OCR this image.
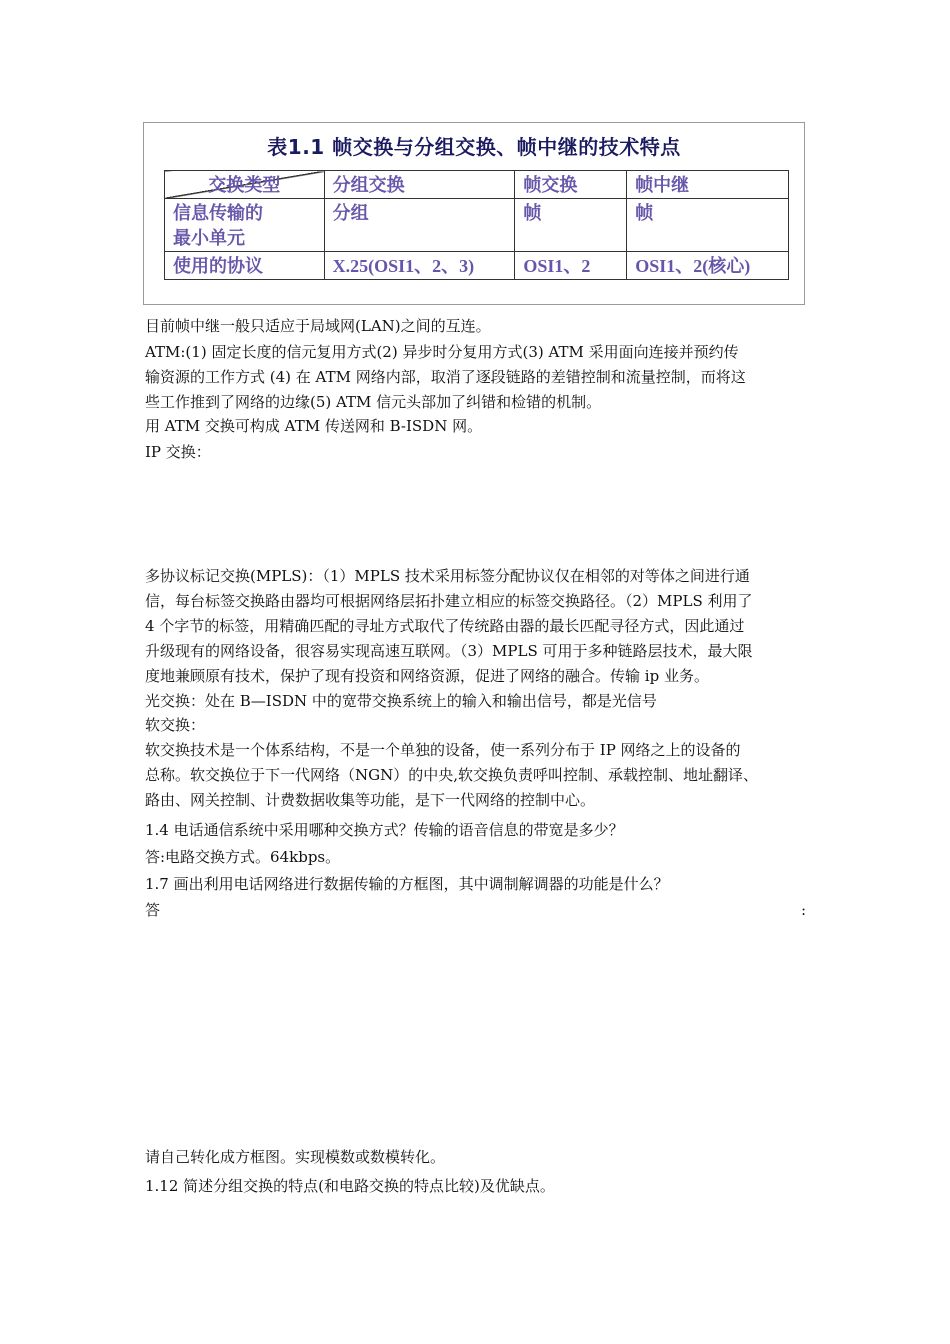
表1.1 帧交换与分组交换、帧中继的技术特点
交换类型	分组交换	帧交换	帧中继
信息传输的
最小单元	分组	帧	帧
使用的协议	X.25(OSI1、2、3)	OSI1、2	OSI1、2(核心)

目前帧中继一般只适应于局域网(LAN)之间的互连。

ATM:(1) 固定长度的信元复用方式(2) 异步时分复用方式(3) ATM 采用面向连接并预约传

输资源的工作方式 (4) 在 ATM 网络内部，取消了逐段链路的差错控制和流量控制，而将这

些工作推到了网络的边缘(5) ATM 信元头部加了纠错和检错的机制。

用 ATM 交换可构成 ATM 传送网和 B-ISDN 网。

IP 交换：

多协议标记交换(MPLS)：（1）MPLS 技术采用标签分配协议仅在相邻的对等体之间进行通

信，每台标签交换路由器均可根据网络层拓扑建立相应的标签交换路径。（2）MPLS 利用了

4 个字节的标签，用精确匹配的寻址方式取代了传统路由器的最长匹配寻径方式，因此通过

升级现有的网络设备，很容易实现高速互联网。（3）MPLS 可用于多种链路层技术，最大限

度地兼顾原有技术，保护了现有投资和网络资源，促进了网络的融合。传输 ip 业务。

光交换：处在 B—ISDN 中的宽带交换系统上的输入和输出信号，都是光信号

软交换：

软交换技术是一个体系结构，不是一个单独的设备，使一系列分布于 IP 网络之上的设备的

总称。软交换位于下一代网络（NGN）的中央,软交换负责呼叫控制、承载控制、地址翻译、

路由、网关控制、计费数据收集等功能，是下一代网络的控制中心。

1.4 电话通信系统中采用哪种交换方式？传输的语音信息的带宽是多少？

答:电路交换方式。64kbps。

1.7 画出利用电话网络进行数据传输的方框图，其中调制解调器的功能是什么？

答	:

请自己转化成方框图。实现模数或数模转化。

1.12 简述分组交换的特点(和电路交换的特点比较)及优缺点。
